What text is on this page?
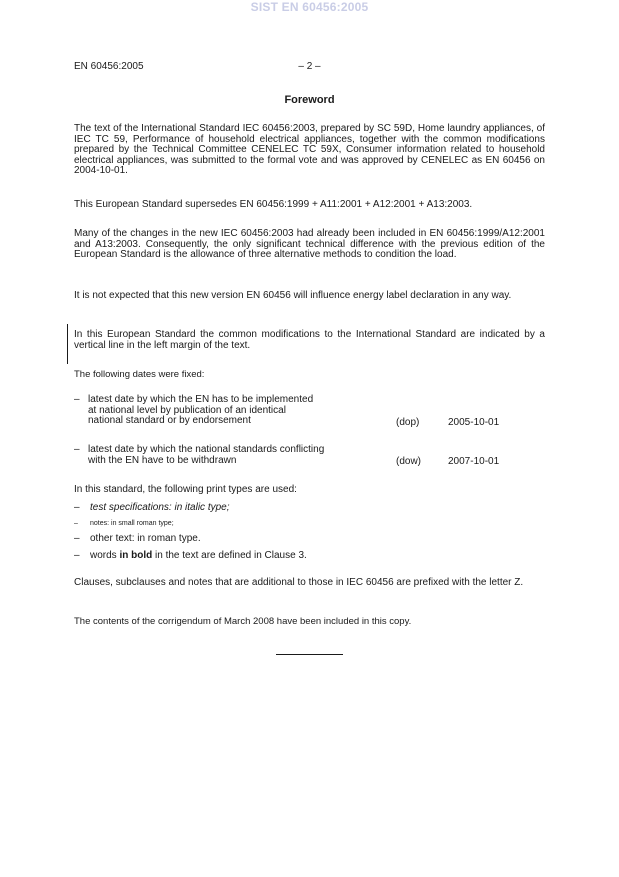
SIST EN 60456:2005
EN 60456:2005	– 2 –
Foreword
The text of the International Standard IEC 60456:2003, prepared by SC 59D, Home laundry appliances, of IEC TC 59, Performance of household electrical appliances, together with the common modifications prepared by the Technical Committee CENELEC TC 59X, Consumer information related to household electrical appliances, was submitted to the formal vote and was approved by CENELEC as EN 60456 on 2004-10-01.
This European Standard supersedes EN 60456:1999 + A11:2001 + A12:2001 + A13:2003.
Many of the changes in the new IEC 60456:2003 had already been included in EN 60456:1999/A12:2001 and A13:2003. Consequently, the only significant technical difference with the previous edition of the European Standard is the allowance of three alternative methods to condition the load.
It is not expected that this new version EN 60456 will influence energy label declaration in any way.
In this European Standard the common modifications to the International Standard are indicated by a vertical line in the left margin of the text.
The following dates were fixed:
– latest date by which the EN has to be implemented
at national level by publication of an identical
national standard or by endorsement	(dop)	2005-10-01
– latest date by which the national standards conflicting
with the EN have to be withdrawn	(dow)	2007-10-01
In this standard, the following print types are used:
– test specifications: in italic type;
– notes: in small roman type;
– other text: in roman type.
– words in bold in the text are defined in Clause 3.
Clauses, subclauses and notes that are additional to those in IEC 60456 are prefixed with the letter Z.
The contents of the corrigendum of March 2008 have been included in this copy.
